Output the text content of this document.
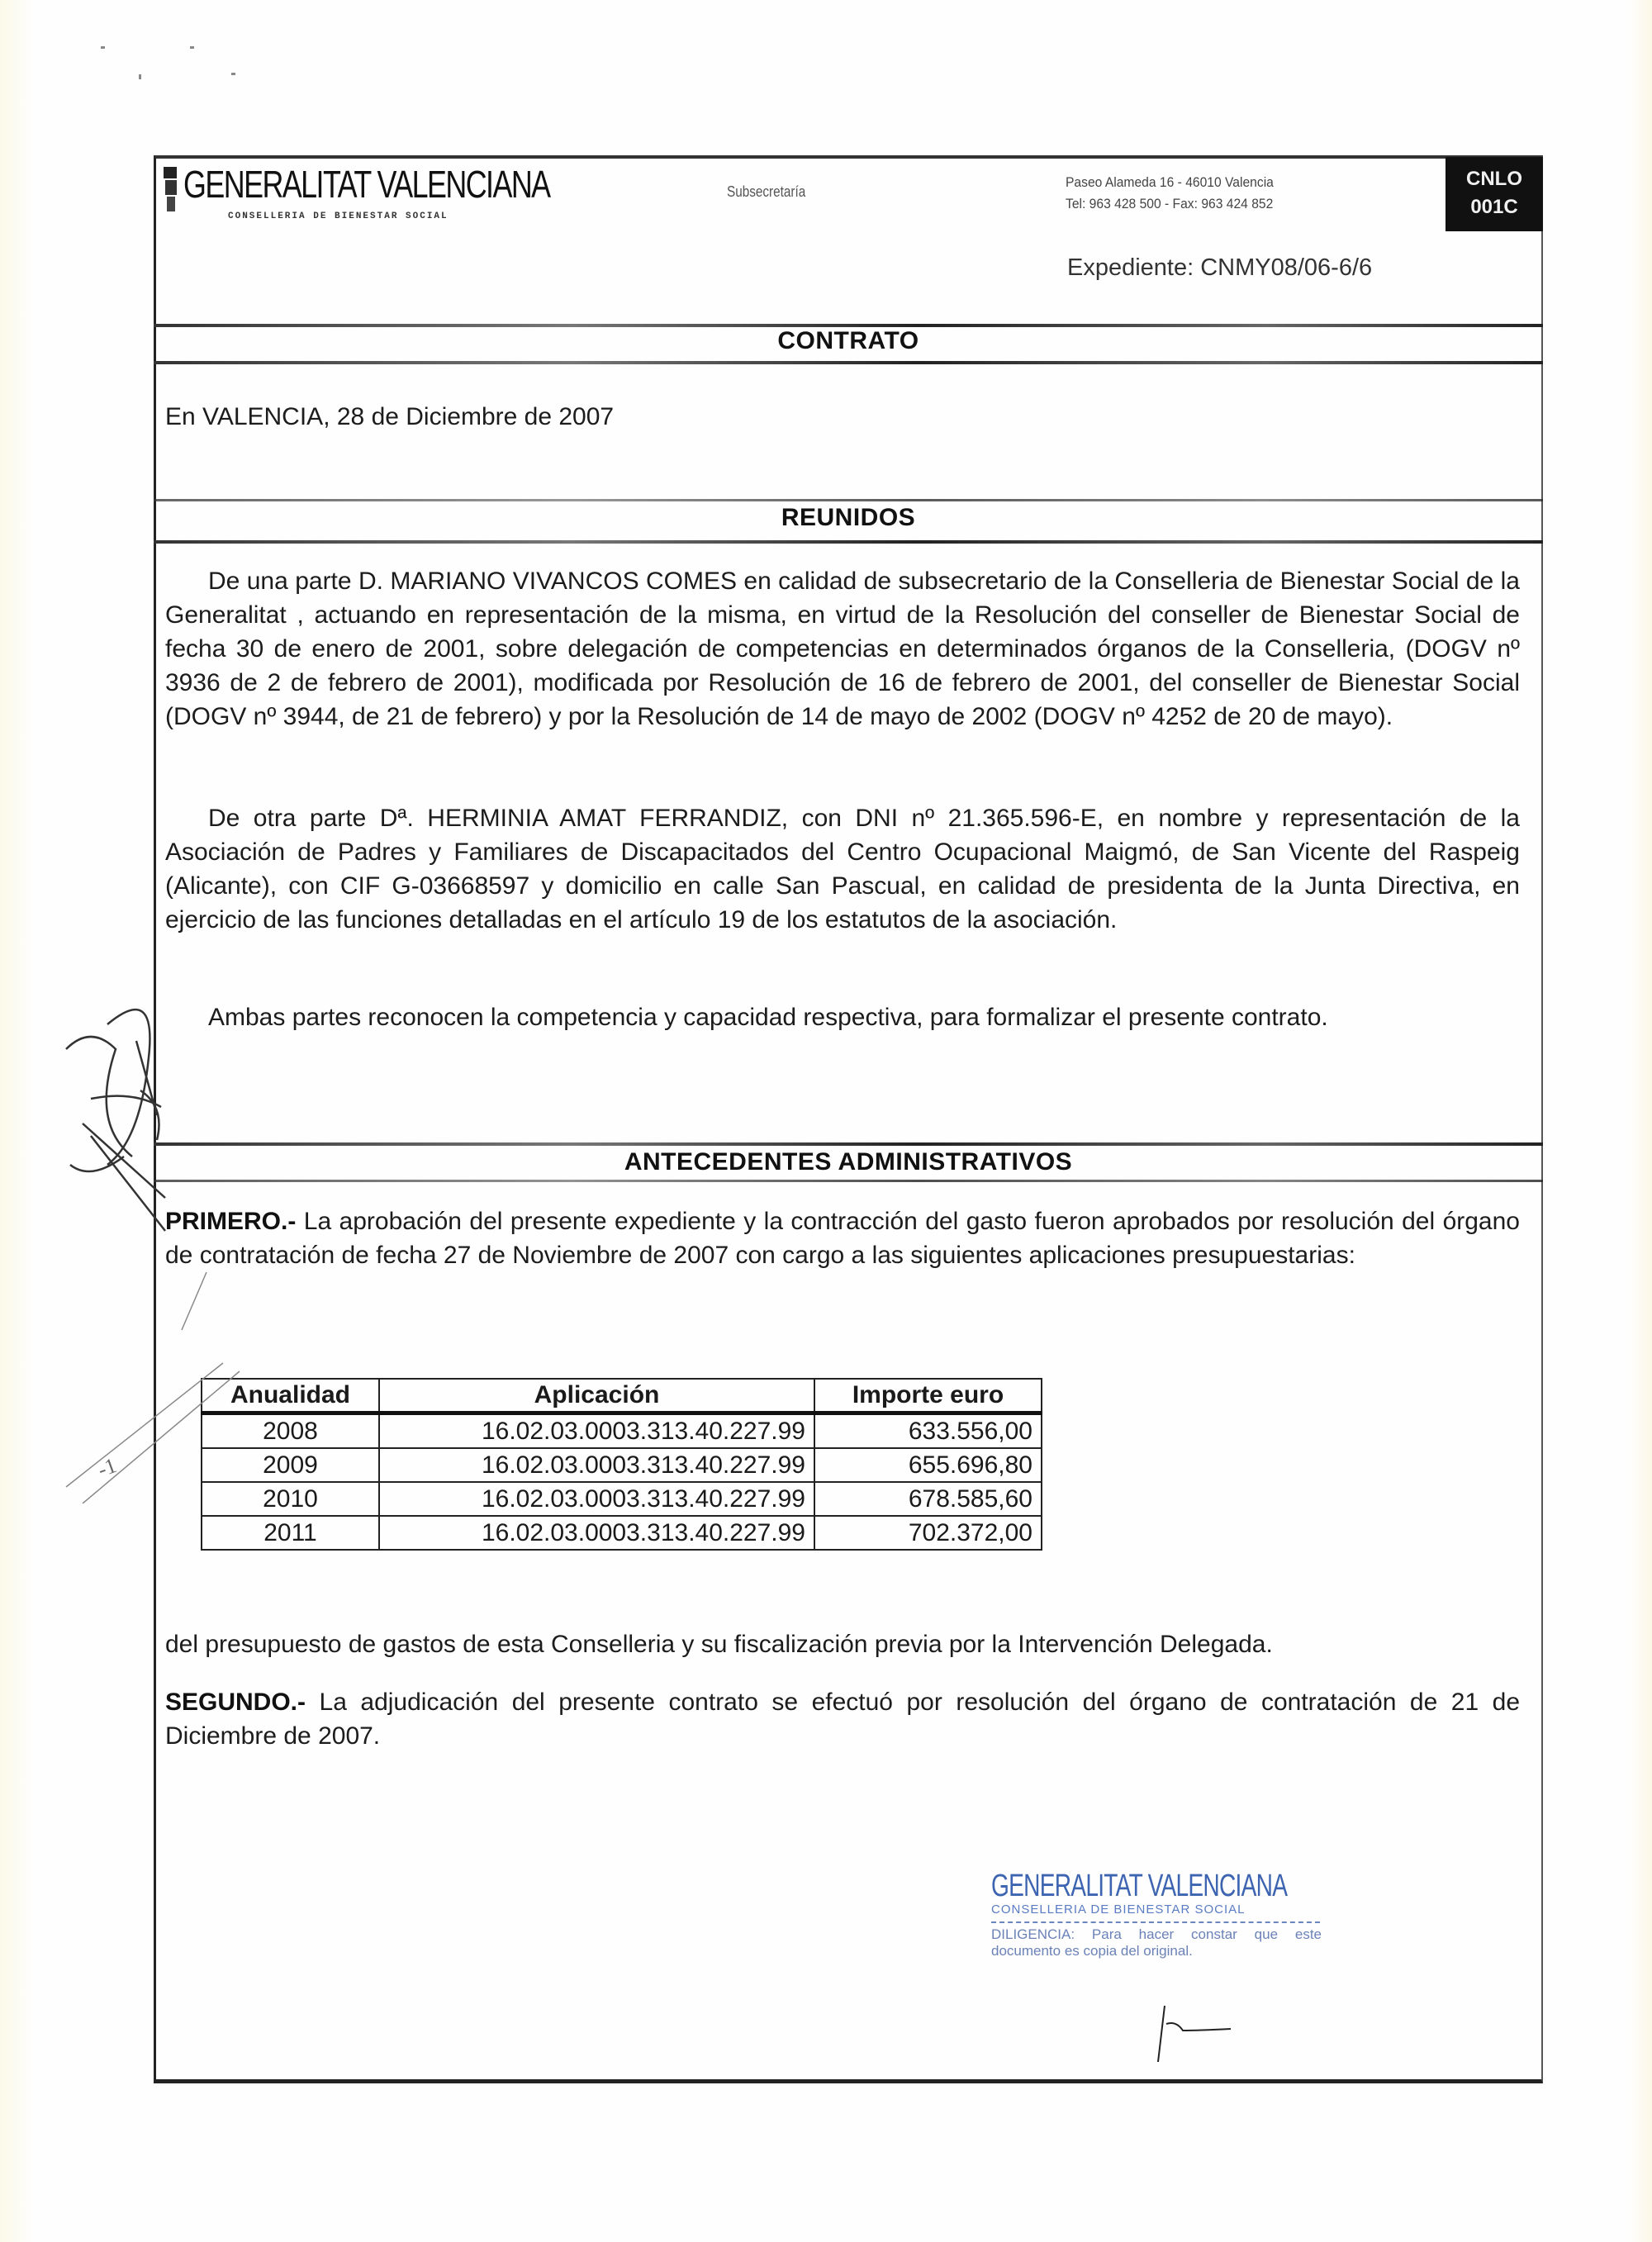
GENERALITAT VALENCIANA
CONSELLERIA DE BIENESTAR SOCIAL
Subsecretaría
Paseo Alameda 16 - 46010 Valencia
Tel: 963 428 500 - Fax: 963 424 852
CNLO
001C
Expediente: CNMY08/06-6/6
CONTRATO
En VALENCIA, 28 de Diciembre de 2007
REUNIDOS
De una parte D. MARIANO VIVANCOS COMES en calidad de subsecretario de la Conselleria de Bienestar Social de la Generalitat , actuando en representación de la misma, en virtud de la Resolución del conseller de Bienestar Social de fecha 30 de enero de 2001, sobre delegación de competencias en determinados órganos de la Conselleria, (DOGV nº 3936 de 2 de febrero de 2001), modificada por Resolución de 16 de febrero de 2001, del conseller de Bienestar Social (DOGV nº 3944, de 21 de febrero) y por la Resolución de 14 de mayo de 2002 (DOGV nº 4252 de 20 de mayo).
De otra parte Dª. HERMINIA AMAT FERRANDIZ, con DNI nº 21.365.596-E, en nombre y representación de la Asociación de Padres y Familiares de Discapacitados del Centro Ocupacional Maigmó, de San Vicente del Raspeig (Alicante), con CIF G-03668597 y domicilio en calle San Pascual, en calidad de presidenta de la Junta Directiva, en ejercicio de las funciones detalladas en el artículo 19 de los estatutos de la asociación.
Ambas partes reconocen la competencia y capacidad respectiva, para formalizar el presente contrato.
ANTECEDENTES ADMINISTRATIVOS
PRIMERO.- La aprobación del presente expediente y la contracción del gasto fueron aprobados por resolución del órgano de contratación de fecha 27 de Noviembre de 2007 con cargo a las siguientes aplicaciones presupuestarias:
Anualidad	Aplicación	Importe euro
2008	16.02.03.0003.313.40.227.99	633.556,00
2009	16.02.03.0003.313.40.227.99	655.696,80
2010	16.02.03.0003.313.40.227.99	678.585,60
2011	16.02.03.0003.313.40.227.99	702.372,00
del presupuesto de gastos de esta Conselleria y su fiscalización previa por la Intervención Delegada.
SEGUNDO.- La adjudicación del presente contrato se efectuó por resolución del órgano de contratación de 21 de Diciembre de 2007.
GENERALITAT VALENCIANA
CONSELLERIA DE BIENESTAR SOCIAL
DILIGENCIA: Para hacer constar que este documento es copia del original.
-1
